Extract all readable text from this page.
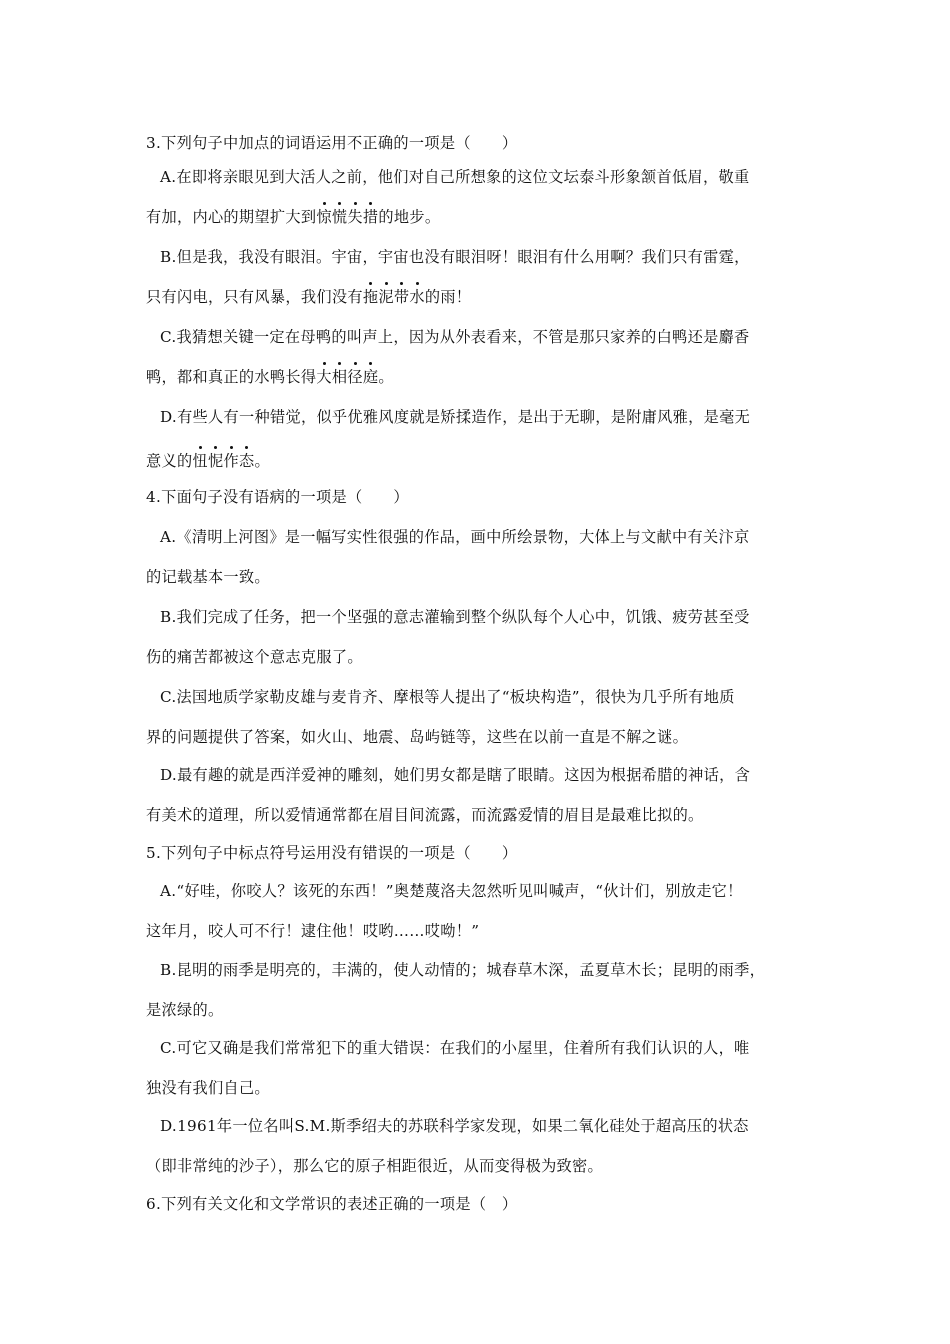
3.下列句子中加点的词语运用不正确的一项是（　　）
A.在即将亲眼见到大活人之前，他们对自己所想象的这位文坛泰斗形象颔首低眉，敬重
有加，内心的期望扩大到惊慌失措的地步。
B.但是我，我没有眼泪。宇宙，宇宙也没有眼泪呀！眼泪有什么用啊？我们只有雷霆，
只有闪电，只有风暴，我们没有拖泥带水的雨！
C.我猜想关键一定在母鸭的叫声上，因为从外表看来，不管是那只家养的白鸭还是麝香
鸭，都和真正的水鸭长得大相径庭。
D.有些人有一种错觉，似乎优雅风度就是矫揉造作，是出于无聊，是附庸风雅，是毫无
意义的忸怩作态。
4.下面句子没有语病的一项是（　　）
A.《清明上河图》是一幅写实性很强的作品，画中所绘景物，大体上与文献中有关汴京
的记载基本一致。
B.我们完成了任务，把一个坚强的意志灌输到整个纵队每个人心中，饥饿、疲劳甚至受
伤的痛苦都被这个意志克服了。
C.法国地质学家勒皮雄与麦肯齐、摩根等人提出了“板块构造”，很快为几乎所有地质
界的问题提供了答案，如火山、地震、岛屿链等，这些在以前一直是不解之谜。
D.最有趣的就是西洋爱神的雕刻，她们男女都是瞎了眼睛。这因为根据希腊的神话，含
有美术的道理，所以爱情通常都在眉目间流露，而流露爱情的眉目是最难比拟的。
5.下列句子中标点符号运用没有错误的一项是（　　）
A.“好哇，你咬人？该死的东西！”奥楚蔑洛夫忽然听见叫喊声，“伙计们，别放走它！
这年月，咬人可不行！逮住他！哎哟……哎呦！”
B.昆明的雨季是明亮的，丰满的，使人动情的；城春草木深，孟夏草木长；昆明的雨季，
是浓绿的。
C.可它又确是我们常常犯下的重大错误：在我们的小屋里，住着所有我们认识的人，唯
独没有我们自己。
D.1961年一位名叫S.M.斯季绍夫的苏联科学家发现，如果二氧化硅处于超高压的状态
（即非常纯的沙子），那么它的原子相距很近，从而变得极为致密。
6.下列有关文化和文学常识的表述正确的一项是（　）
